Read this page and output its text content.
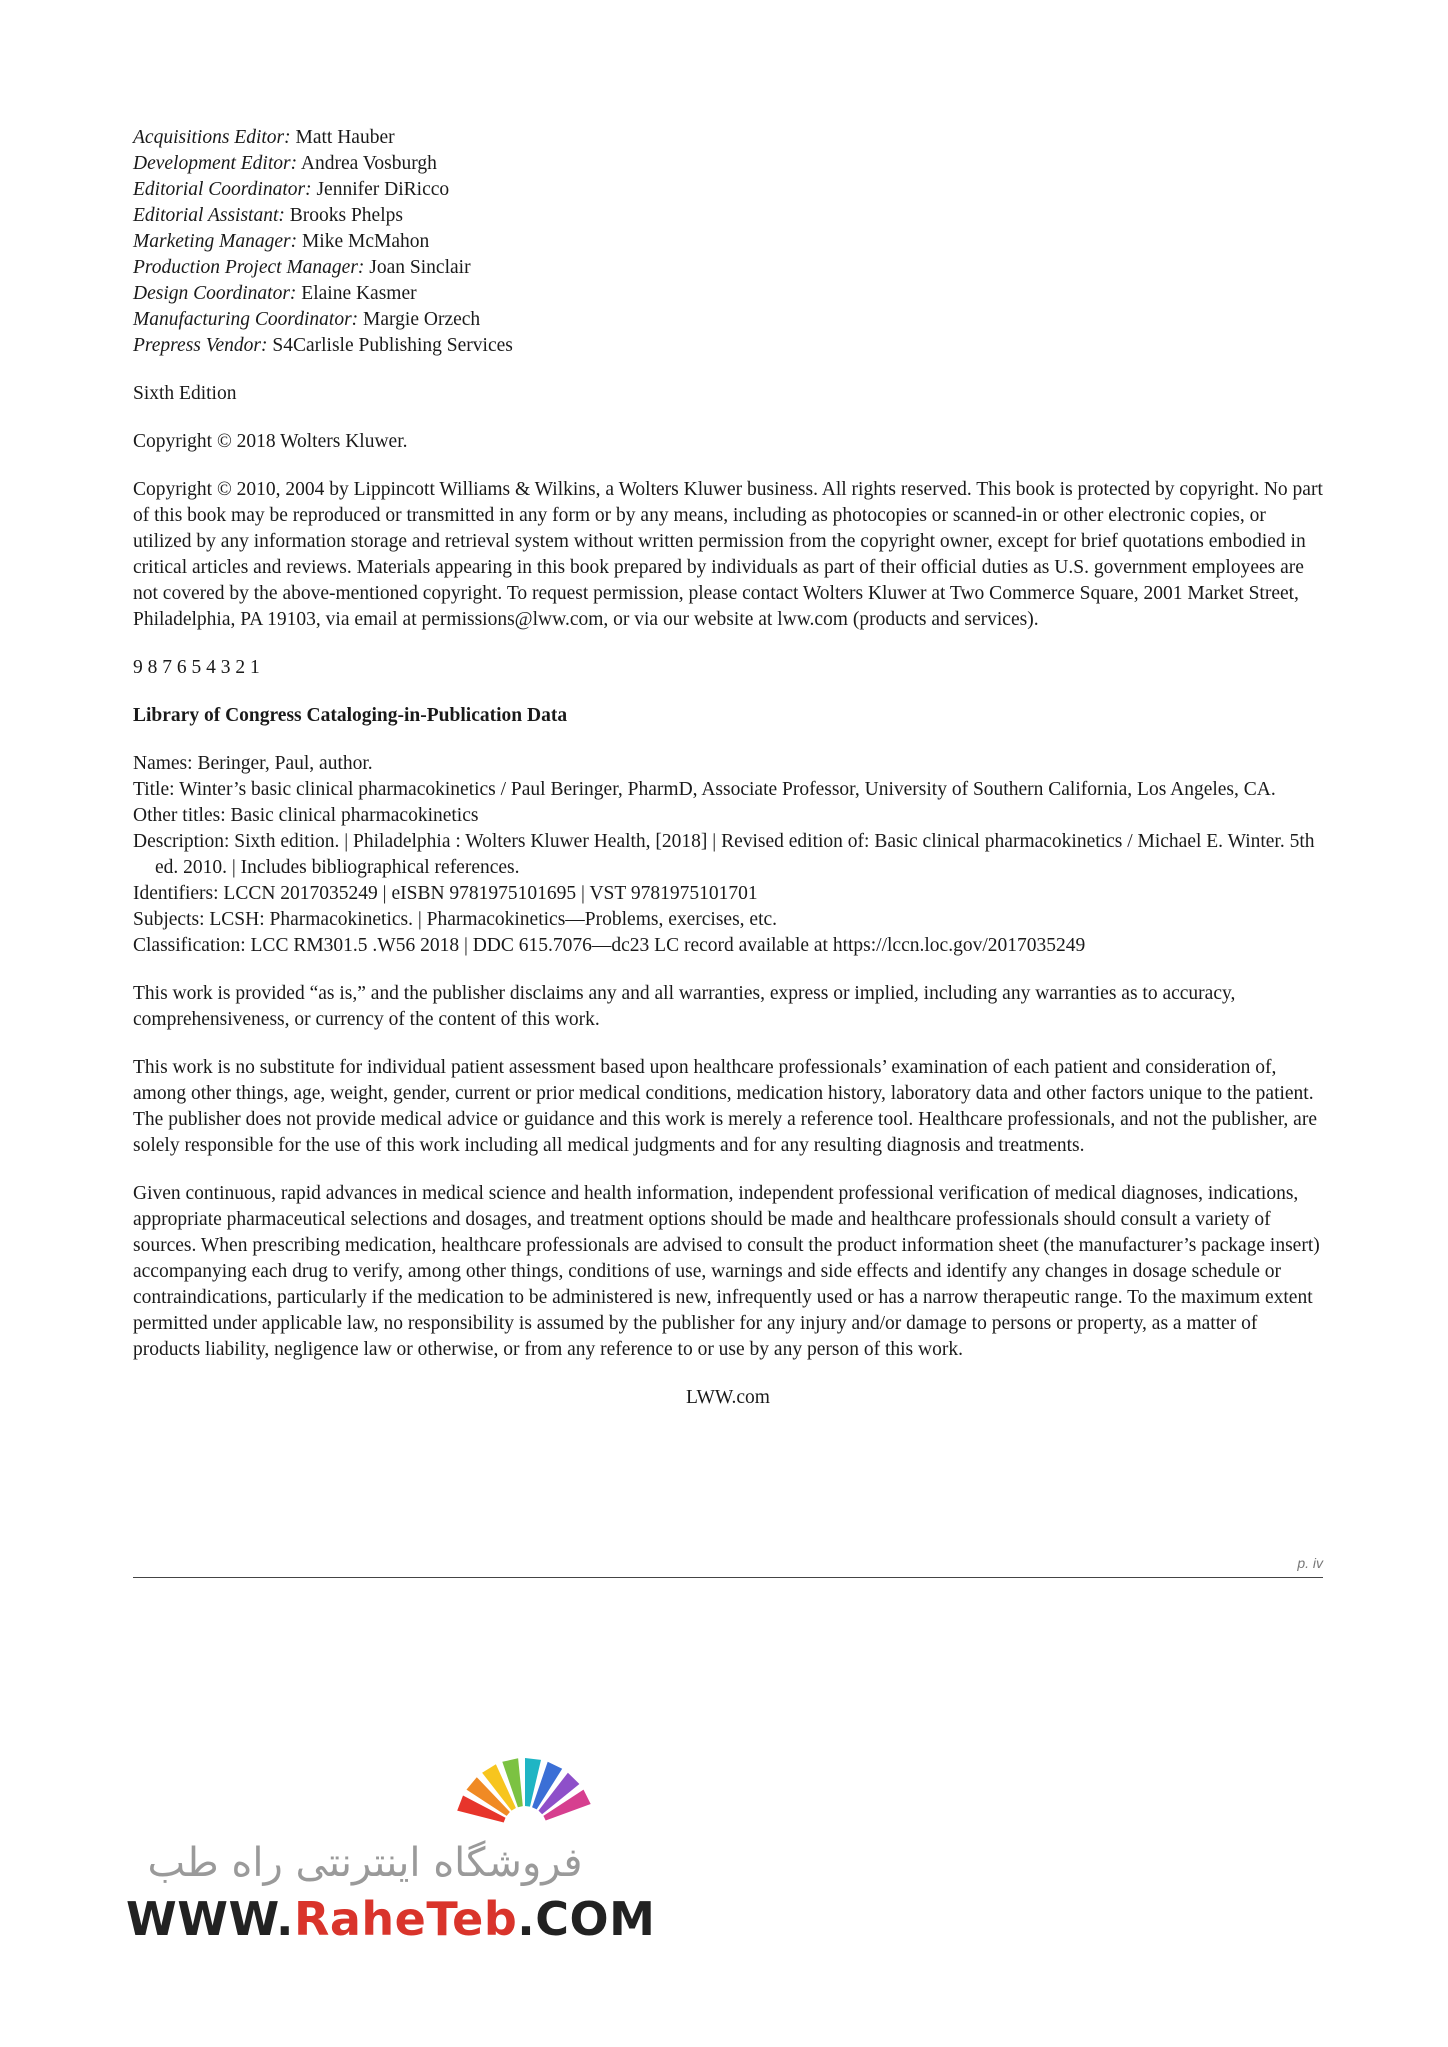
Acquisitions Editor: Matt Hauber
Development Editor: Andrea Vosburgh
Editorial Coordinator: Jennifer DiRicco
Editorial Assistant: Brooks Phelps
Marketing Manager: Mike McMahon
Production Project Manager: Joan Sinclair
Design Coordinator: Elaine Kasmer
Manufacturing Coordinator: Margie Orzech
Prepress Vendor: S4Carlisle Publishing Services

Sixth Edition

Copyright © 2018 Wolters Kluwer.

Copyright © 2010, 2004 by Lippincott Williams & Wilkins, a Wolters Kluwer business. All rights reserved. This book is protected by copyright. No part of this book may be reproduced or transmitted in any form or by any means, including as photocopies or scanned-in or other electronic copies, or utilized by any information storage and retrieval system without written permission from the copyright owner, except for brief quotations embodied in critical articles and reviews. Materials appearing in this book prepared by individuals as part of their official duties as U.S. government employees are not covered by the above-mentioned copyright. To request permission, please contact Wolters Kluwer at Two Commerce Square, 2001 Market Street, Philadelphia, PA 19103, via email at permissions@lww.com, or via our website at lww.com (products and services).

9 8 7 6 5 4 3 2 1

Library of Congress Cataloging-in-Publication Data
Names: Beringer, Paul, author.
Title: Winter’s basic clinical pharmacokinetics / Paul Beringer, PharmD, Associate Professor, University of Southern California, Los Angeles, CA.
Other titles: Basic clinical pharmacokinetics
Description: Sixth edition. | Philadelphia : Wolters Kluwer Health, [2018] | Revised edition of: Basic clinical pharmacokinetics / Michael E. Winter. 5th ed. 2010. | Includes bibliographical references.
Identifiers: LCCN 2017035249 | eISBN 9781975101695 | VST 9781975101701
Subjects: LCSH: Pharmacokinetics. | Pharmacokinetics—Problems, exercises, etc.
Classification: LCC RM301.5 .W56 2018 | DDC 615.7076—dc23 LC record available at https://lccn.loc.gov/2017035249

This work is provided “as is,” and the publisher disclaims any and all warranties, express or implied, including any warranties as to accuracy, comprehensiveness, or currency of the content of this work.

This work is no substitute for individual patient assessment based upon healthcare professionals’ examination of each patient and consideration of, among other things, age, weight, gender, current or prior medical conditions, medication history, laboratory data and other factors unique to the patient. The publisher does not provide medical advice or guidance and this work is merely a reference tool. Healthcare professionals, and not the publisher, are solely responsible for the use of this work including all medical judgments and for any resulting diagnosis and treatments.

Given continuous, rapid advances in medical science and health information, independent professional verification of medical diagnoses, indications, appropriate pharmaceutical selections and dosages, and treatment options should be made and healthcare professionals should consult a variety of sources. When prescribing medication, healthcare professionals are advised to consult the product information sheet (the manufacturer’s package insert) accompanying each drug to verify, among other things, conditions of use, warnings and side effects and identify any changes in dosage schedule or contraindications, particularly if the medication to be administered is new, infrequently used or has a narrow therapeutic range. To the maximum extent permitted under applicable law, no responsibility is assumed by the publisher for any injury and/or damage to persons or property, as a matter of products liability, negligence law or otherwise, or from any reference to or use by any person of this work.

LWW.com

p. iv
فروشگاه اینترنتی راه طب
WWW.RaheTeb.COM
